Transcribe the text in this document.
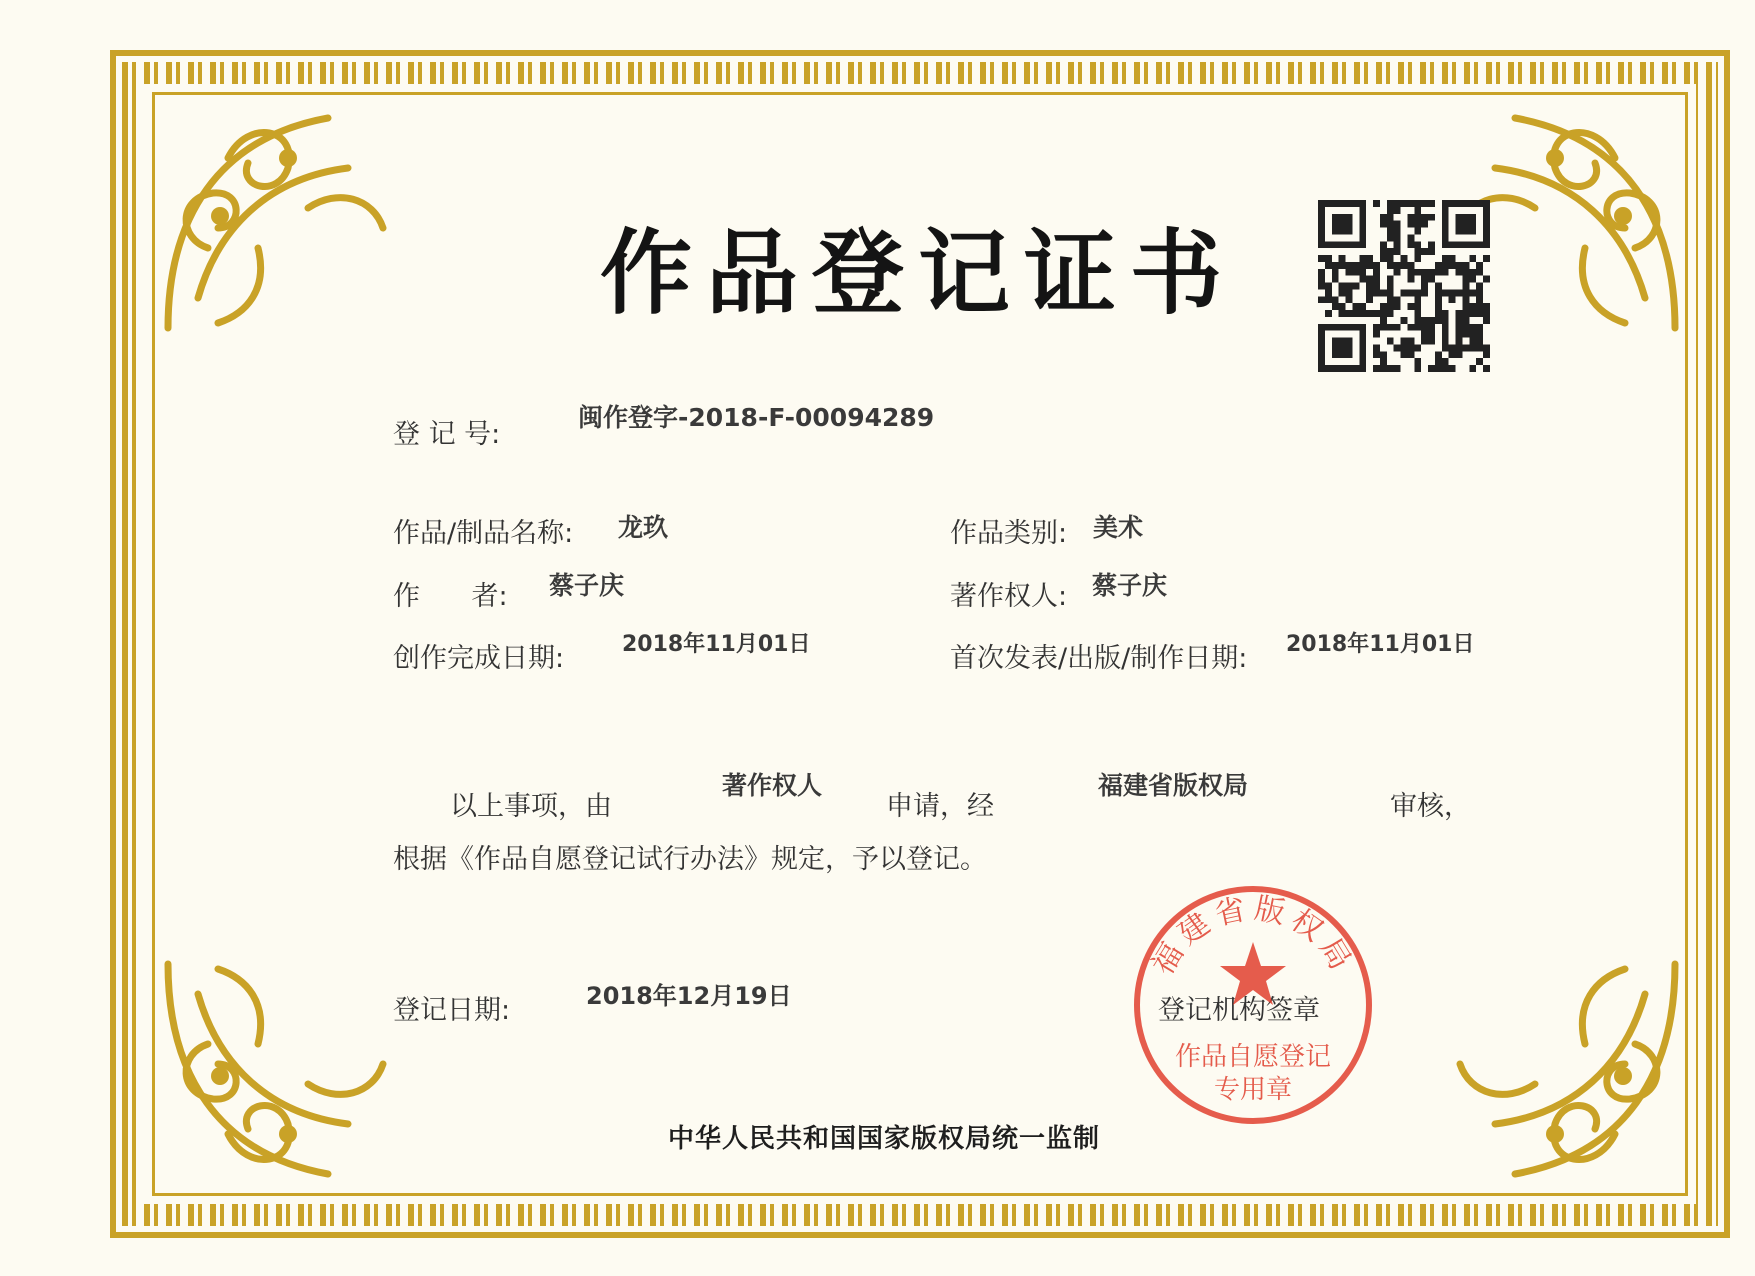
作品登记证书
登 记 号:
闽作登字-2018-F-00094289
作品/制品名称: 龙玖	作品类别: 美术
作      者: 蔡子庆	著作权人: 蔡子庆
创作完成日期:	2018年11月01日	首次发表/出版/制作日期: 2018年11月01日
以上事项，由
著作权人
申请，经
福建省版权局
审核，
根据《作品自愿登记试行办法》规定，予以登记。
登记日期:	2018年12月19日	登记机构签章
福建省版权局
作品自愿登记
专用章
中华人民共和国国家版权局统一监制
